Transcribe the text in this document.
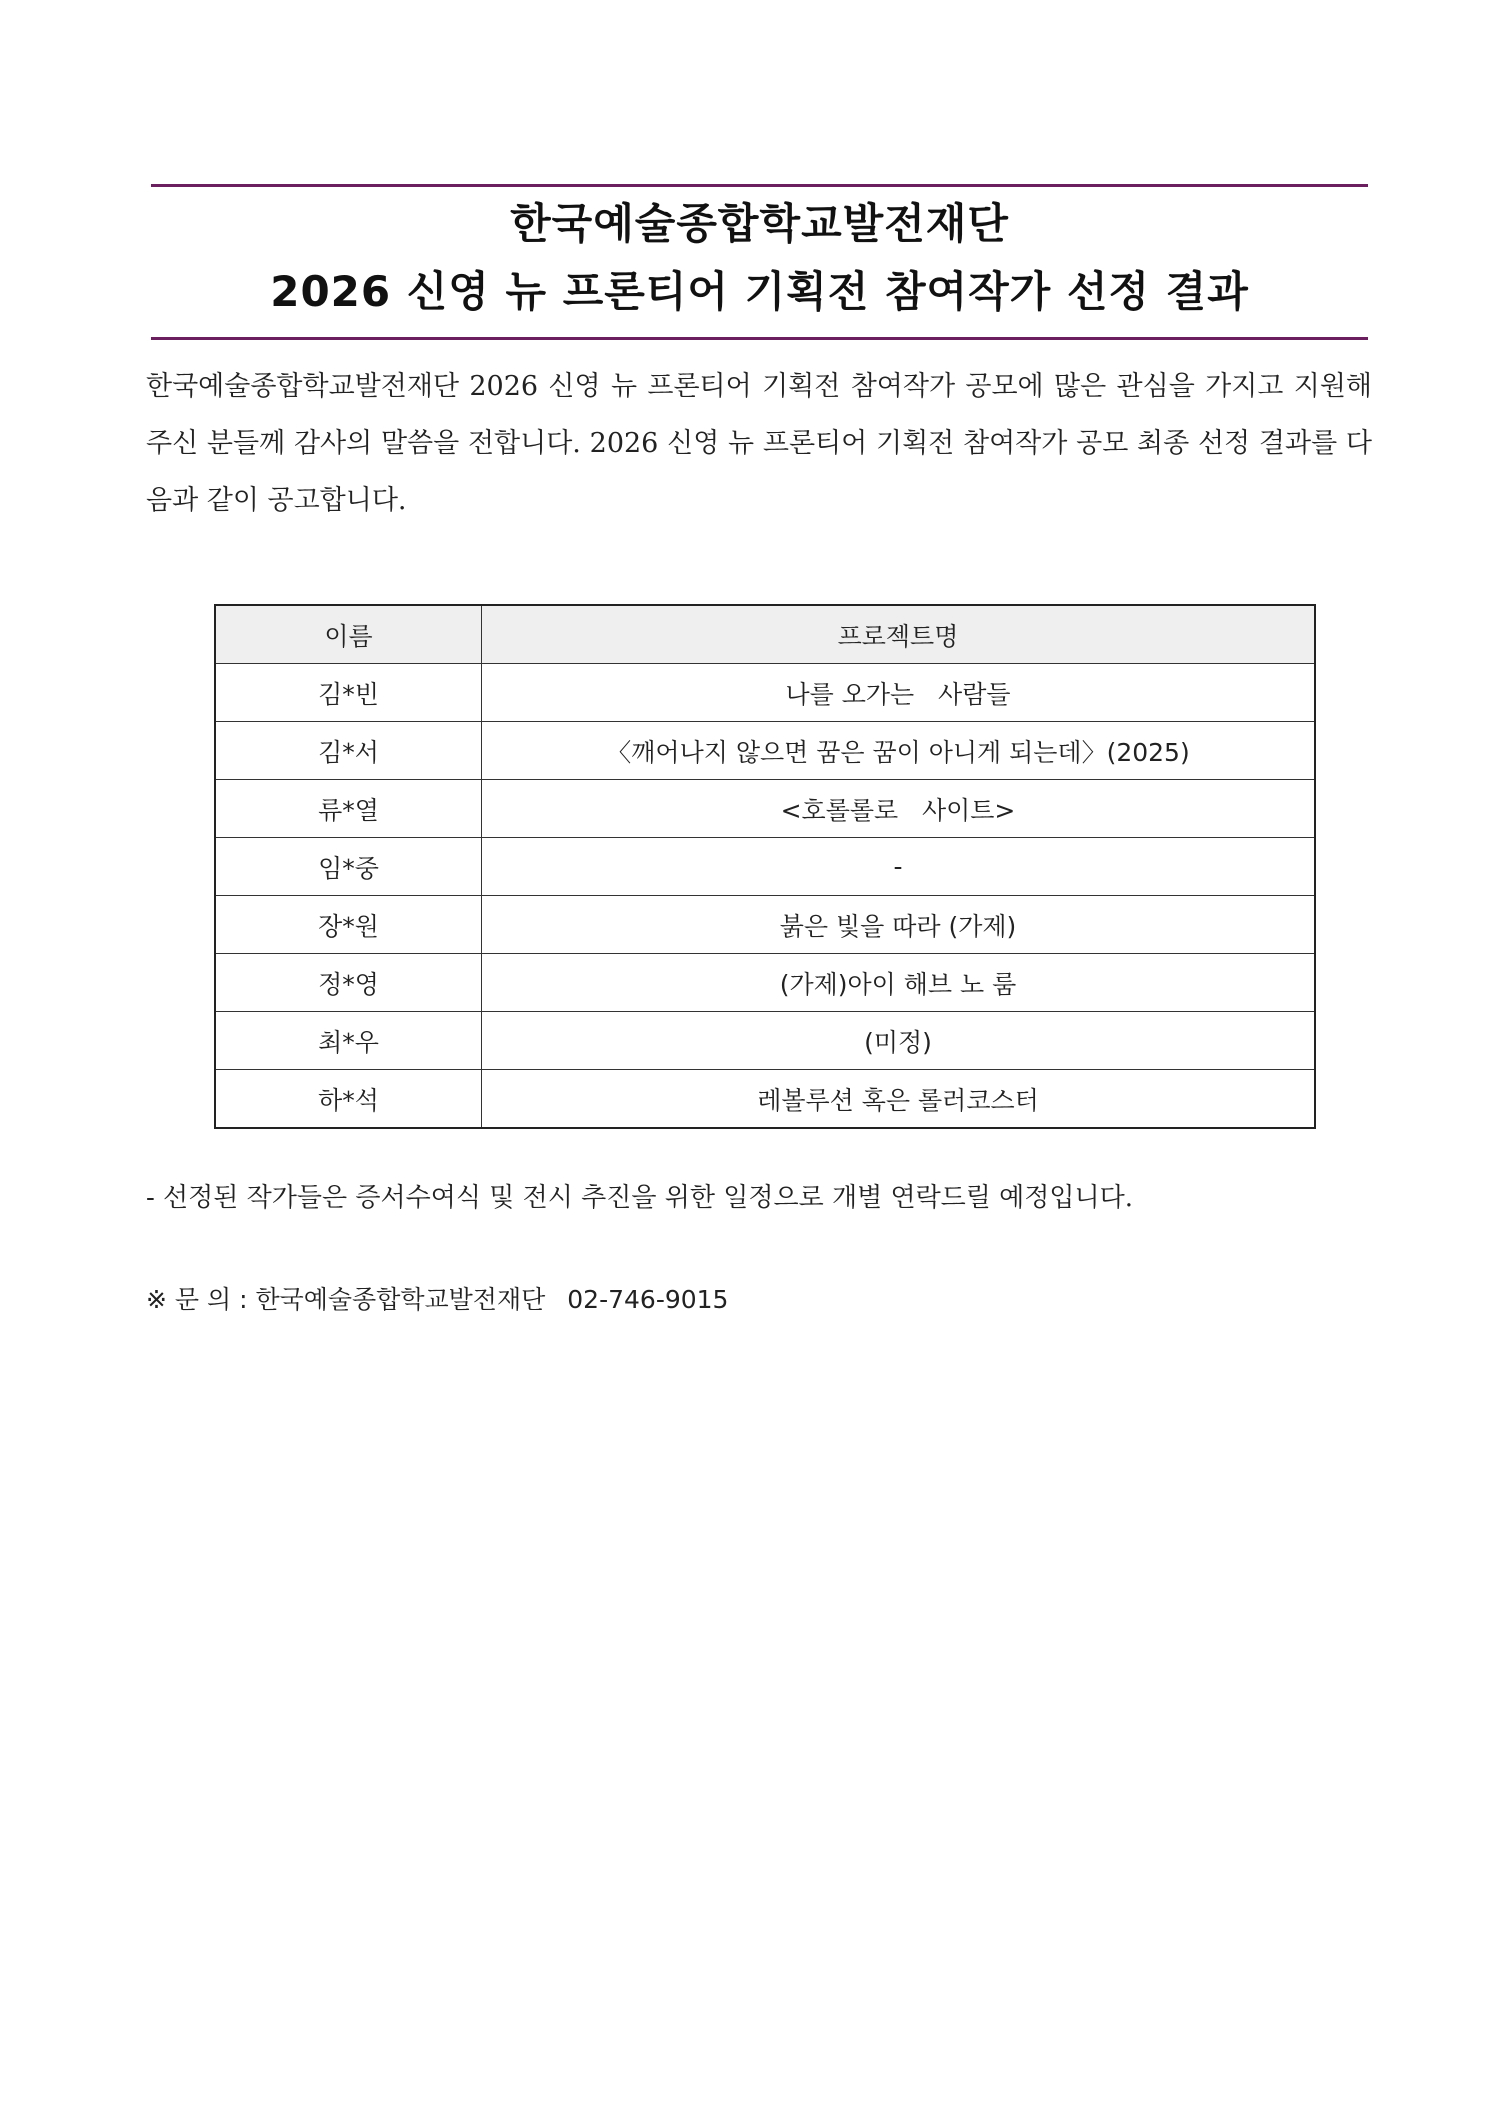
한국예술종합학교발전재단
2026 신영 뉴 프론티어 기획전 참여작가 선정 결과
한국예술종합학교발전재단 2026 신영 뉴 프론티어 기획전 참여작가 공모에 많은 관심을 가지고 지원해주신 분들께 감사의 말씀을 전합니다. 2026 신영 뉴 프론티어 기획전 참여작가 공모 최종 선정 결과를 다음과 같이 공고합니다.
이름	프로젝트명
김*빈	나를 오가는   사람들
김*서	〈깨어나지 않으면 꿈은 꿈이 아니게 되는데〉(2025)
류*열	<호롤롤로   사이트>
임*중	-
장*원	붉은 빛을 따라 (가제)
정*영	(가제)아이 해브 노 룸
최*우	(미정)
하*석	레볼루션 혹은 롤러코스터
- 선정된 작가들은 증서수여식 및 전시 추진을 위한 일정으로 개별 연락드릴 예정입니다.
※ 문 의 : 한국예술종합학교발전재단 02-746-9015
